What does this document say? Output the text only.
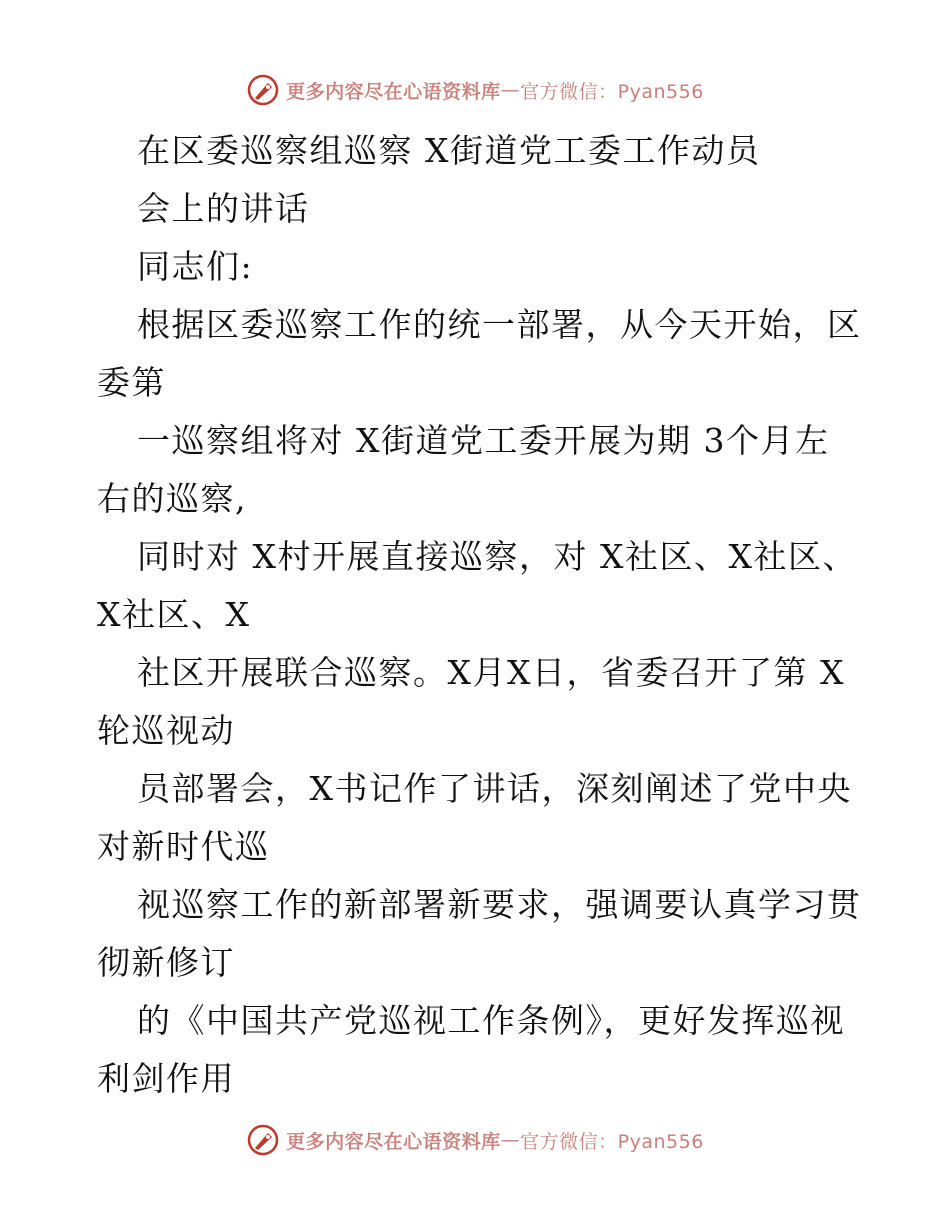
更多内容尽在心语资料库 — 官方微信：Pyan556
在区委巡察组巡察 X街道党工委工作动员
会上的讲话
同志们:
根据区委巡察工作的统一部署，从今天开始，区
委第
一巡察组将对 X街道党工委开展为期 3个月左
右的巡察,
同时对 X村开展直接巡察，对 X社区、X社区、
X社区、X
社区开展联合巡察。X月X日，省委召开了第 X
轮巡视动
员部署会，X书记作了讲话，深刻阐述了党中央
对新时代巡
视巡察工作的新部署新要求，强调要认真学习贯
彻新修订
的《中国共产党巡视工作条例》，更好发挥巡视
利剑作用
更多内容尽在心语资料库 — 官方微信：Pyan556
